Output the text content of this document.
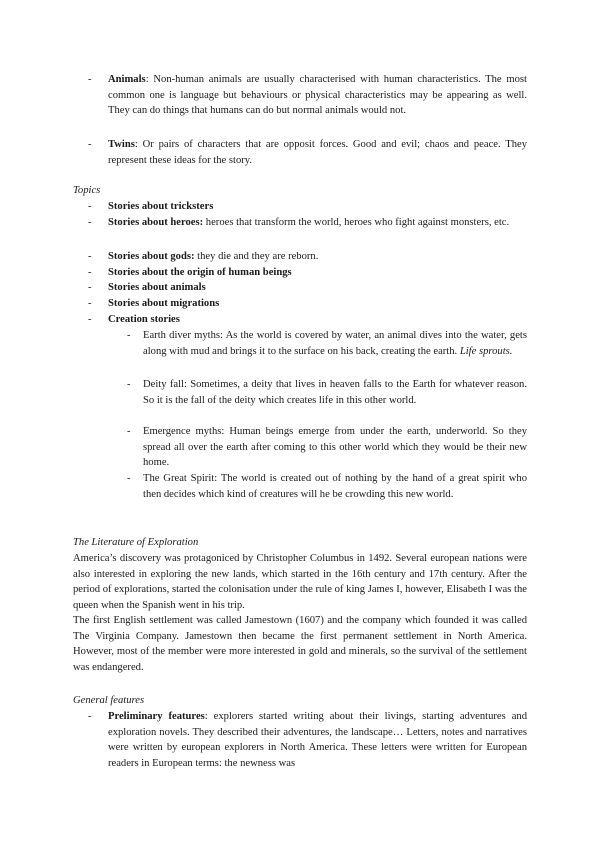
- Animals: Non-human animals are usually characterised with human characteristics. The most common one is language but behaviours or physical characteristics may be appearing as well. They can do things that humans can do but normal animals would not.
- Twins: Or pairs of characters that are opposit forces. Good and evil; chaos and peace. They represent these ideas for the story.
Topics
- Stories about tricksters
- Stories about heroes: heroes that transform the world, heroes who fight against monsters, etc.
- Stories about gods: they die and they are reborn.
- Stories about the origin of human beings
- Stories about animals
- Stories about migrations
- Creation stories
- Earth diver myths: As the world is covered by water, an animal dives into the water, gets along with mud and brings it to the surface on his back, creating the earth. Life sprouts.
- Deity fall: Sometimes, a deity that lives in heaven falls to the Earth for whatever reason. So it is the fall of the deity which creates life in this other world.
- Emergence myths: Human beings emerge from under the earth, underworld. So they spread all over the earth after coming to this other world which they would be their new home.
- The Great Spirit: The world is created out of nothing by the hand of a great spirit who then decides which kind of creatures will he be crowding this new world.
The Literature of Exploration
America’s discovery was protagoniced by Christopher Columbus in 1492. Several european nations were also interested in exploring the new lands, which started in the 16th century and 17th century. After the period of explorations, started the colonisation under the rule of king James I, however, Elisabeth I was the queen when the Spanish went in his trip.
The first English settlement was called Jamestown (1607) and the company which founded it was called The Virginia Company. Jamestown then became the first permanent settlement in North America. However, most of the member were more interested in gold and minerals, so the survival of the settlement was endangered.
General features
- Preliminary features: explorers started writing about their livings, starting adventures and exploration novels. They described their adventures, the landscape… Letters, notes and narratives were written by european explorers in North America. These letters were written for European readers in European terms: the newness was
